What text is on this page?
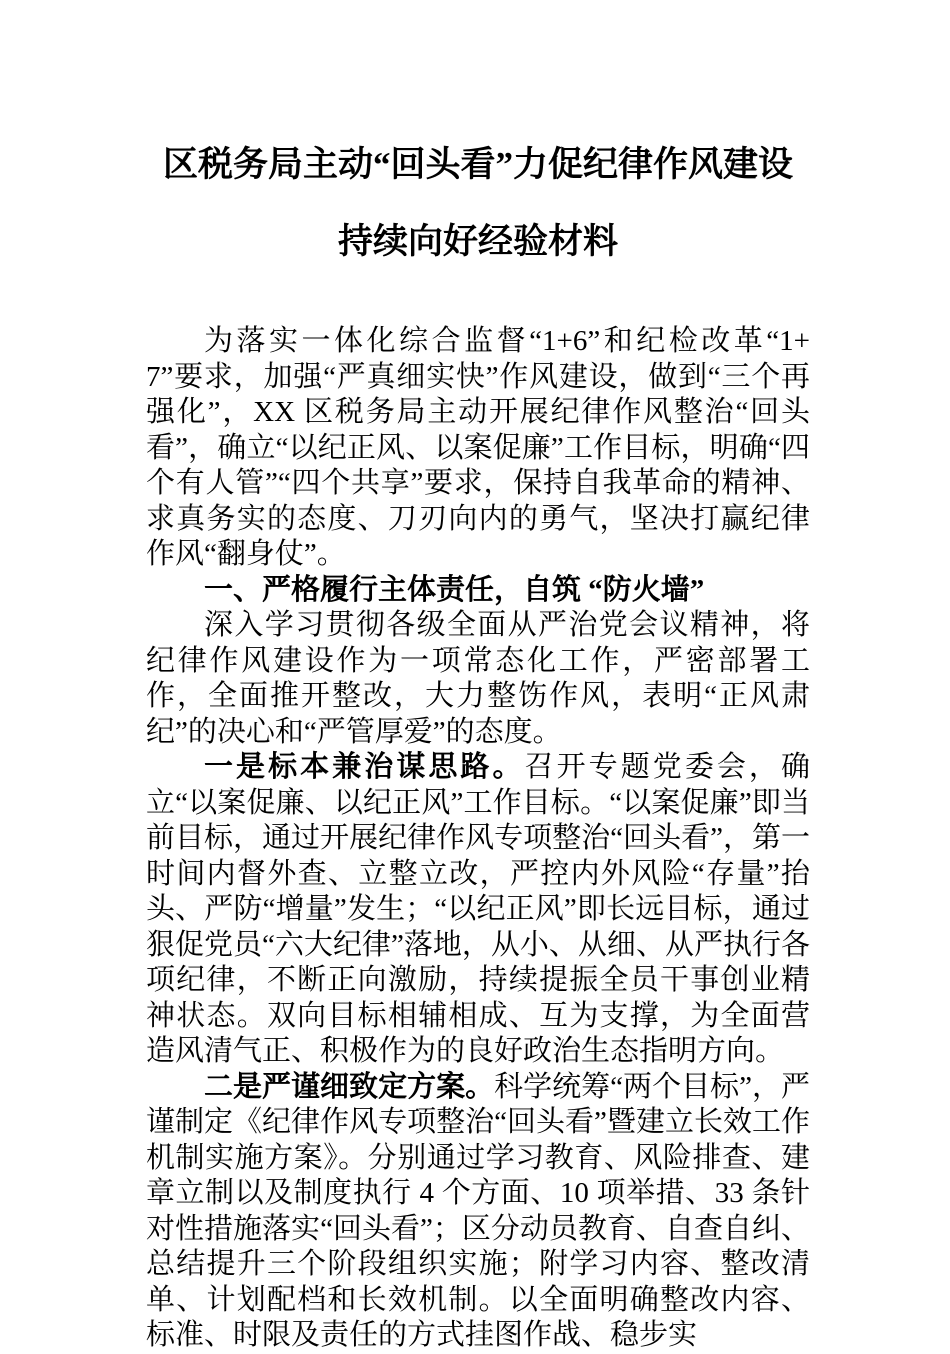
区税务局主动“回头看”力促纪律作风建设持续向好经验材料

为落实一体化综合监督“1+6”和纪检改革“1+7”要求，加强“严真细实快”作风建设，做到“三个再强化”，XX 区税务局主动开展纪律作风整治“回头看”，确立“以纪正风、以案促廉”工作目标，明确“四个有人管”“四个共享”要求，保持自我革命的精神、求真务实的态度、刀刃向内的勇气，坚决打赢纪律作风“翻身仗”。

一、严格履行主体责任，自筑 “防火墙”

深入学习贯彻各级全面从严治党会议精神，将纪律作风建设作为一项常态化工作，严密部署工作，全面推开整改，大力整饬作风，表明“正风肃纪”的决心和“严管厚爱”的态度。

一是标本兼治谋思路。召开专题党委会，确立“以案促廉、以纪正风”工作目标。“以案促廉”即当前目标，通过开展纪律作风专项整治“回头看”，第一时间内督外查、立整立改，严控内外风险“存量”抬头、严防“增量”发生；“以纪正风”即长远目标，通过狠促党员“六大纪律”落地，从小、从细、从严执行各项纪律，不断正向激励，持续提振全员干事创业精神状态。双向目标相辅相成、互为支撑，为全面营造风清气正、积极作为的良好政治生态指明方向。

二是严谨细致定方案。科学统筹“两个目标”，严谨制定《纪律作风专项整治“回头看”暨建立长效工作机制实施方案》。分别通过学习教育、风险排查、建章立制以及制度执行 4 个方面、10 项举措、33 条针对性措施落实“回头看”；区分动员教育、自查自纠、总结提升三个阶段组织实施；附学习内容、整改清单、计划配档和长效机制。以全面明确整改内容、标准、时限及责任的方式挂图作战、稳步实
